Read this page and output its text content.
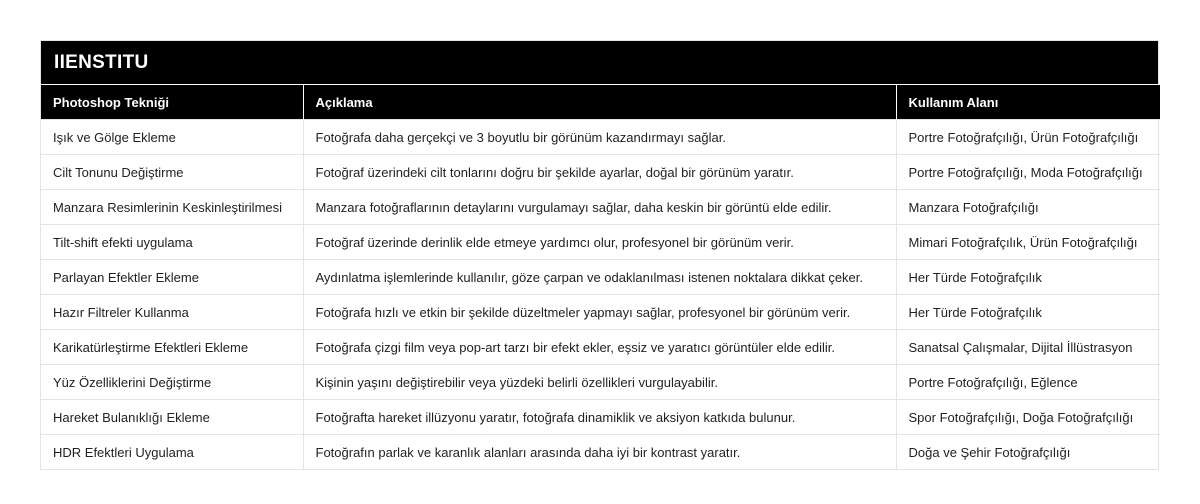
IIENSTITU
Photoshop Tekniği	Açıklama	Kullanım Alanı
Işık ve Gölge Ekleme	Fotoğrafa daha gerçekçi ve 3 boyutlu bir görünüm kazandırmayı sağlar.	Portre Fotoğrafçılığı, Ürün Fotoğrafçılığı
Cilt Tonunu Değiştirme	Fotoğraf üzerindeki cilt tonlarını doğru bir şekilde ayarlar, doğal bir görünüm yaratır.	Portre Fotoğrafçılığı, Moda Fotoğrafçılığı
Manzara Resimlerinin Keskinleştirilmesi	Manzara fotoğraflarının detaylarını vurgulamayı sağlar, daha keskin bir görüntü elde edilir.	Manzara Fotoğrafçılığı
Tilt-shift efekti uygulama	Fotoğraf üzerinde derinlik elde etmeye yardımcı olur, profesyonel bir görünüm verir.	Mimari Fotoğrafçılık, Ürün Fotoğrafçılığı
Parlayan Efektler Ekleme	Aydınlatma işlemlerinde kullanılır, göze çarpan ve odaklanılması istenen noktalara dikkat çeker.	Her Türde Fotoğrafçılık
Hazır Filtreler Kullanma	Fotoğrafa hızlı ve etkin bir şekilde düzeltmeler yapmayı sağlar, profesyonel bir görünüm verir.	Her Türde Fotoğrafçılık
Karikatürleştirme Efektleri Ekleme	Fotoğrafa çizgi film veya pop-art tarzı bir efekt ekler, eşsiz ve yaratıcı görüntüler elde edilir.	Sanatsal Çalışmalar, Dijital İllüstrasyon
Yüz Özelliklerini Değiştirme	Kişinin yaşını değiştirebilir veya yüzdeki belirli özellikleri vurgulayabilir.	Portre Fotoğrafçılığı, Eğlence
Hareket Bulanıklığı Ekleme	Fotoğrafta hareket illüzyonu yaratır, fotoğrafa dinamiklik ve aksiyon katkıda bulunur.	Spor Fotoğrafçılığı, Doğa Fotoğrafçılığı
HDR Efektleri Uygulama	Fotoğrafın parlak ve karanlık alanları arasında daha iyi bir kontrast yaratır.	Doğa ve Şehir Fotoğrafçılığı
